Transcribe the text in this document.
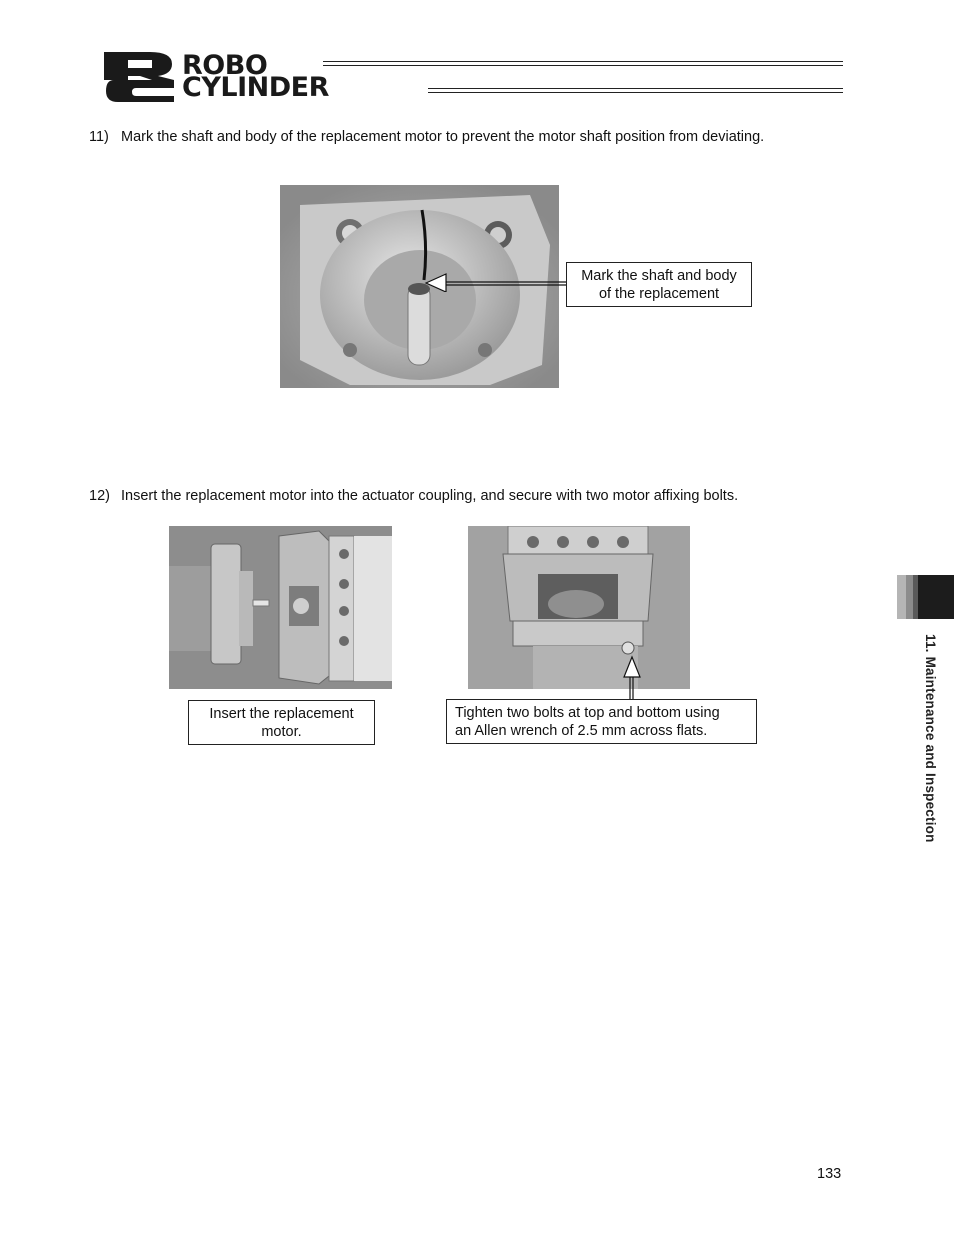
ROBO
CYLINDER
11) Mark the shaft and body of the replacement motor to prevent the motor shaft position from deviating.
Mark the shaft and body
of the replacement
12) Insert the replacement motor into the actuator coupling, and secure with two motor affixing bolts.
Insert the replacement
motor.
Tighten two bolts at top and bottom using
an Allen wrench of 2.5 mm across flats.	11. Maintenance and Inspection
133
